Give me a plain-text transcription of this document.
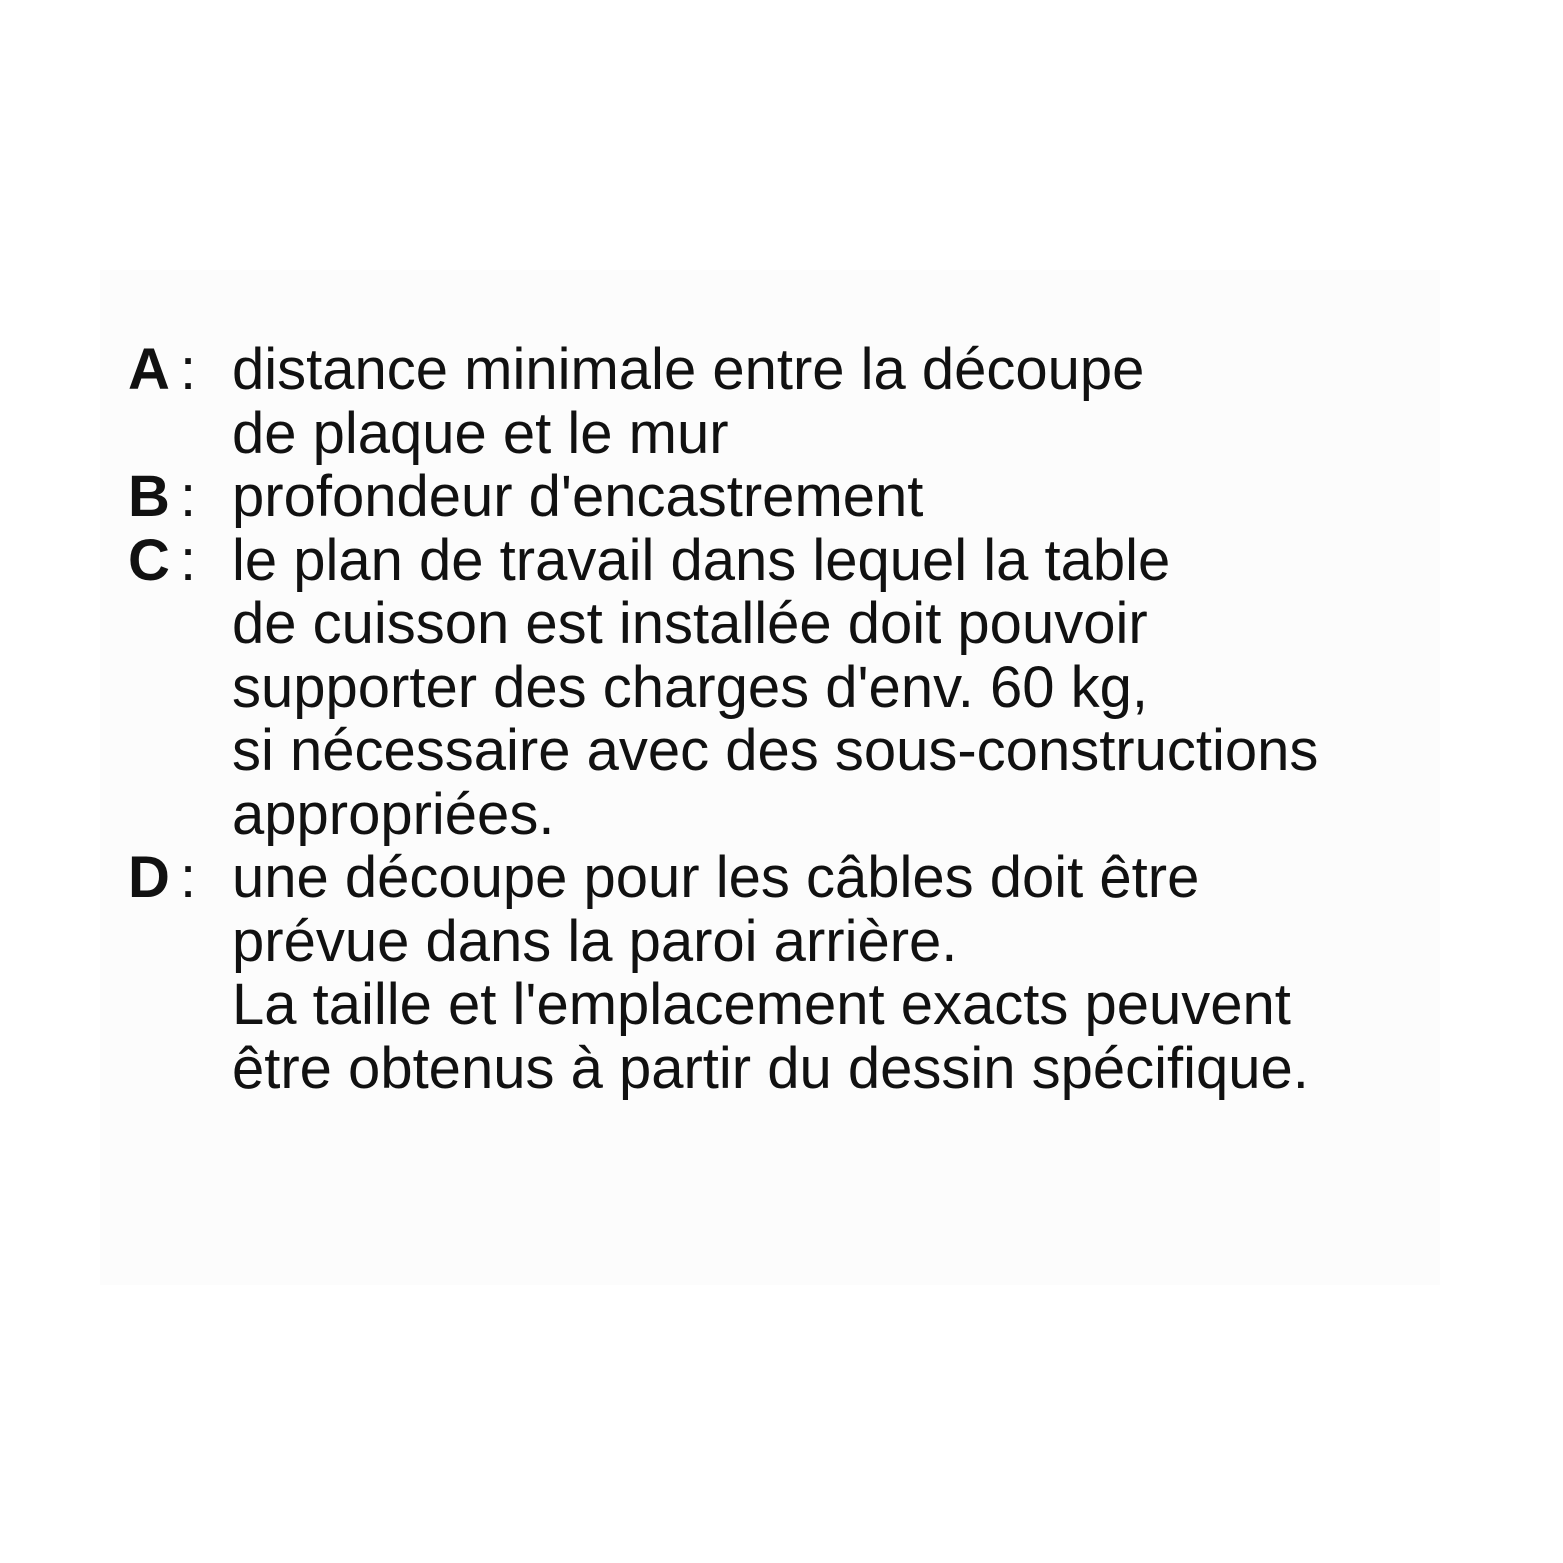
A : distance minimale entre la découpe
de plaque et le mur
B : profondeur d'encastrement
C : le plan de travail dans lequel la table
de cuisson est installée doit pouvoir
supporter des charges d'env. 60 kg,
si nécessaire avec des sous-constructions
appropriées.
D : une découpe pour les câbles doit être
prévue dans la paroi arrière.
La taille et l'emplacement exacts peuvent
être obtenus à partir du dessin spécifique.
